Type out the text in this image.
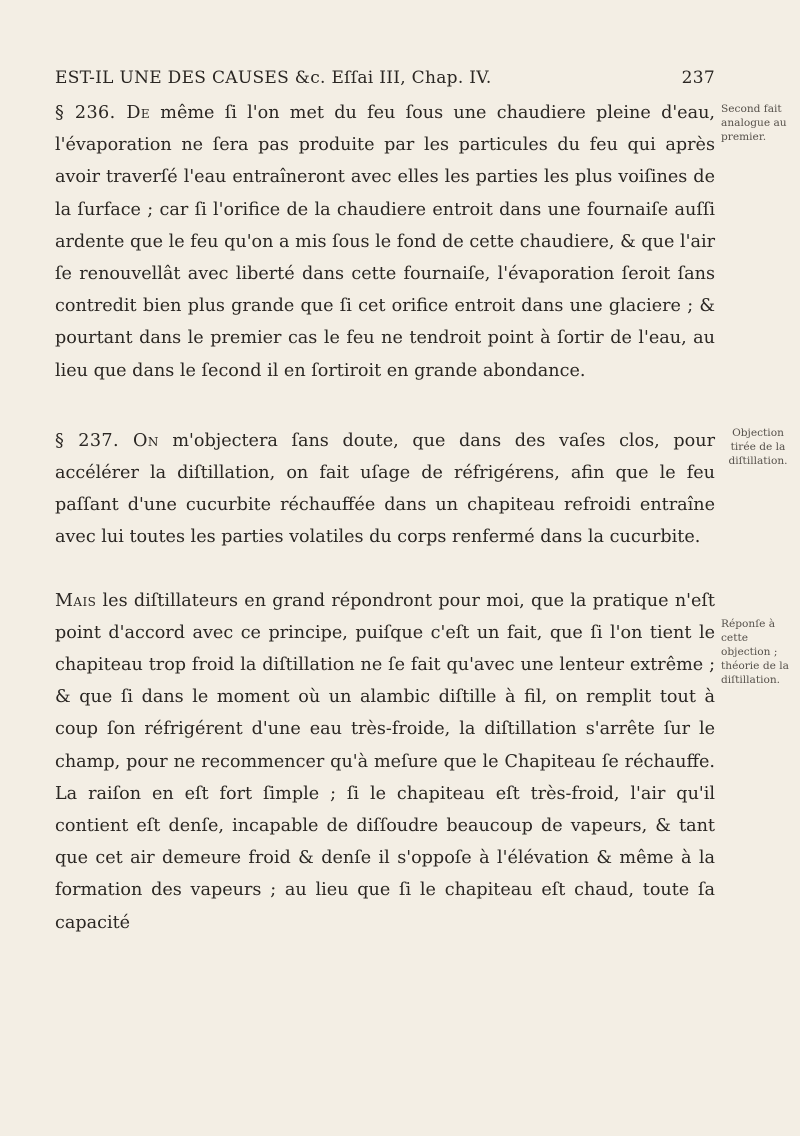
EST-IL UNE DES CAUSES &c. Eſſai III, Chap. IV.	237

§ 236. De même ſi l'on met du feu ſous une chaudiere pleine d'eau, l'évaporation ne ſera pas produite par les particules du feu qui après avoir traverſé l'eau entraîneront avec elles les parties les plus voiſines de la ſurface ; car ſi l'orifice de la chaudiere entroit dans une fournaiſe auſſi ardente que le feu qu'on a mis ſous le fond de cette chaudiere, & que l'air ſe renouvellât avec liberté dans cette fournaiſe, l'évaporation ſeroit ſans contredit bien plus grande que ſi cet orifice entroit dans une glaciere ; & pourtant dans le premier cas le feu ne tendroit point à ſortir de l'eau, au lieu que dans le ſecond il en ſortiroit en grande abondance.

§ 237. On m'objectera ſans doute, que dans des vaſes clos, pour accélérer la diſtillation, on fait uſage de réfrigérens, afin que le feu paſſant d'une cucurbite réchauffée dans un chapiteau refroidi entraîne avec lui toutes les parties volatiles du corps renfermé dans la cucurbite.

Mais les diſtillateurs en grand répondront pour moi, que la pratique n'eſt point d'accord avec ce principe, puiſque c'eſt un fait, que ſi l'on tient le chapiteau trop froid la diſtillation ne ſe fait qu'avec une lenteur extrême ; & que ſi dans le moment où un alambic diſtille à fil, on remplit tout à coup ſon réfrigérent d'une eau très-froide, la diſtillation s'arrête ſur le champ, pour ne recommencer qu'à meſure que le Chapiteau ſe réchauffe. La raiſon en eſt fort ſimple ; ſi le chapiteau eſt très-froid, l'air qu'il contient eſt denſe, incapable de diſſoudre beaucoup de vapeurs, & tant que cet air demeure froid & denſe il s'oppoſe à l'élévation & même à la formation des vapeurs ; au lieu que ſi le chapiteau eſt chaud, toute ſa capacité

Second fait analogue au premier.
Objection tirée de la diſtillation.
Réponſe à cette objection ; théorie de la diſtillation.
